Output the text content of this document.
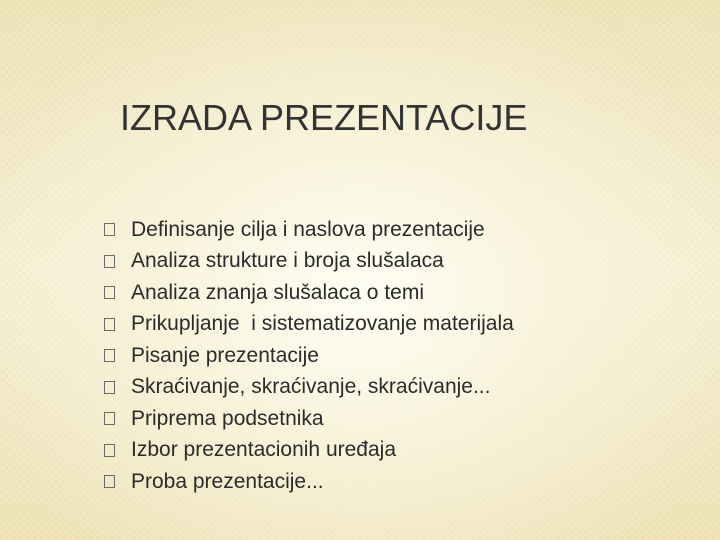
IZRADA PREZENTACIJE
Definisanje cilja i naslova prezentacije
Analiza strukture i broja slušalaca
Analiza znanja slušalaca o temi
Prikupljanje  i sistematizovanje materijala
Pisanje prezentacije
Skraćivanje, skraćivanje, skraćivanje...
Priprema podsetnika
Izbor prezentacionih uređaja
Proba prezentacije...
